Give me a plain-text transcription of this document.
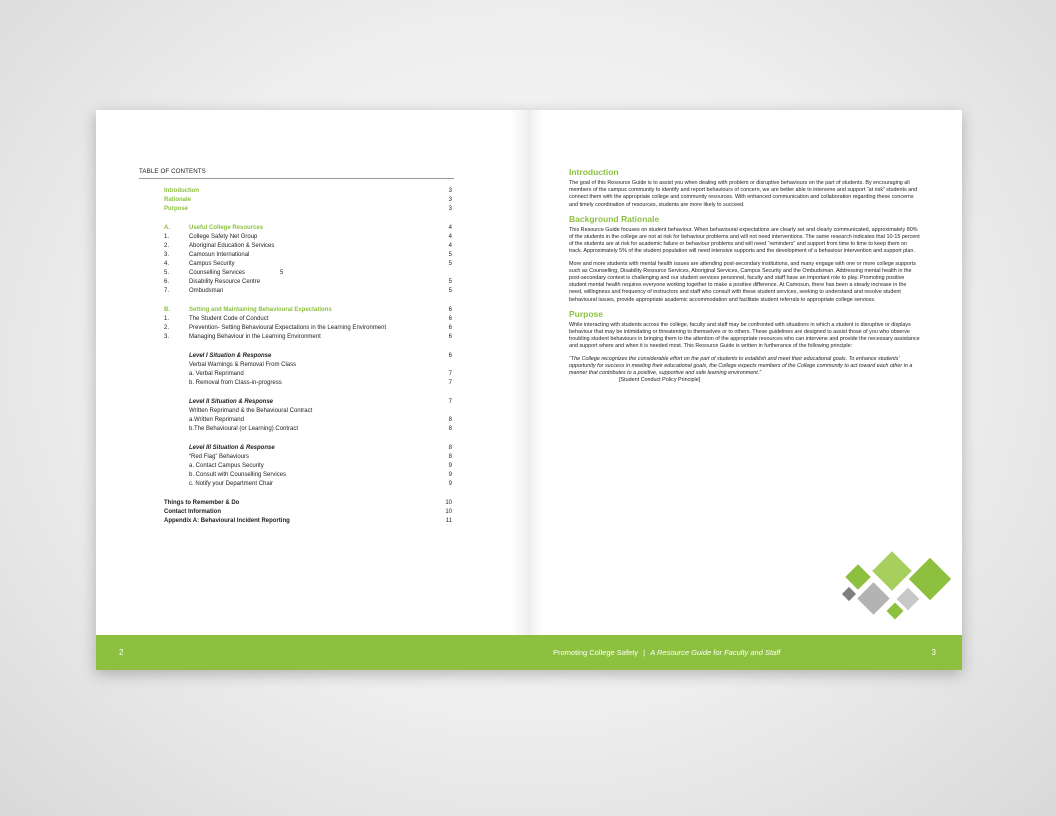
TABLE OF CONTENTS
Introduction	3
Rationale	3
Purpose	3
A.	Useful College Resources	4
1.	College Safety Net Group	4
2.	Aboriginal Education & Services	4
3.	Camosun International	5
4.	Campus Security	5
5.	Counselling Services	5
6.	Disability Resource Centre	5
7.	Ombudsman	5
B.	Setting and Maintaining Behavioural Expectations	6
1.	The Student Code of Conduct	6
2.	Prevention- Setting Behavioural Expectations in the Learning Environment	6
3.	Managing Behaviour in the Learning Environment	6
Level I Situation & Response	6
Verbal Warnings & Removal From Class
a. Verbal Reprimand	7
b. Removal from Class-in-progress	7
Level II Situation & Response	7
Written Reprimand & the Behavioural Contract
a.Written Reprimand	8
b.The Behavioural (or Learning) Contract	8
Level III Situation & Response	8
“Red Flag” Behaviours	8
a. Contact Campus Security	9
b. Consult with Counselling Services	9
c. Notify your Department Chair	9
Things to Remember & Do	10
Contact Information	10
Appendix A: Behavioural Incident Reporting	11
2
Introduction
The goal of this Resource Guide is to assist you when dealing with problem or disruptive behaviours on the part of students. By encouraging all members of the campus community to identify and report behaviours of concern, we are better able to intervene and support “at risk” students and connect them with the appropriate college and community resources. With enhanced communication and collaboration regarding these concerns and timely coordination of resources, students are more likely to succeed.
Background Rationale
This Resource Guide focuses on student behaviour. When behavioural expectations are clearly set and clearly communicated, approximately 80% of the students in the college are not at risk for behaviour problems and will not need interventions. The same research indicates that 10-15 percent of the students are at risk for academic failure or behaviour problems and will need “reminders” and support from time to time to keep them on track. Approximately 5% of the student population will need intensive supports and the development of a behaviour intervention and support plan.
More and more students with mental health issues are attending post-secondary institutions, and many engage with one or more college supports such as Counselling, Disability Resource Services, Aboriginal Services, Campus Security and the Ombudsman. Addressing mental health in the post-secondary context is challenging and our student services personnel, faculty and staff have an important role to play. Promoting positive student mental health requires everyone working together to make a positive difference. At Camosun, there has been a steady increase in the need, willingness and frequency of instructors and staff who consult with these student services, seeking to understand and resolve student behavioural issues, provide appropriate academic accommodation and facilitate student referrals to appropriate college services.
Purpose
While interacting with students across the college, faculty and staff may be confronted with situations in which a student is disruptive or displays behaviour that may be intimidating or threatening to themselves or to others. These guidelines are designed to assist those of you who observe troubling student behaviours in bringing them to the attention of the appropriate resources who can intervene and provide the necessary assistance and support where and when it is needed most. This Resource Guide is written in furtherance of the following principle:
“The College recognizes the considerable effort on the part of students to establish and meet their educational goals. To enhance students’ opportunity for success in meeting their educational goals, the College expects members of the College community to act toward each other in a manner that contributes to a positive, supportive and safe learning environment.”
[Student Conduct Policy Principle]
Promoting College Safety | A Resource Guide for Faculty and Staff	3
